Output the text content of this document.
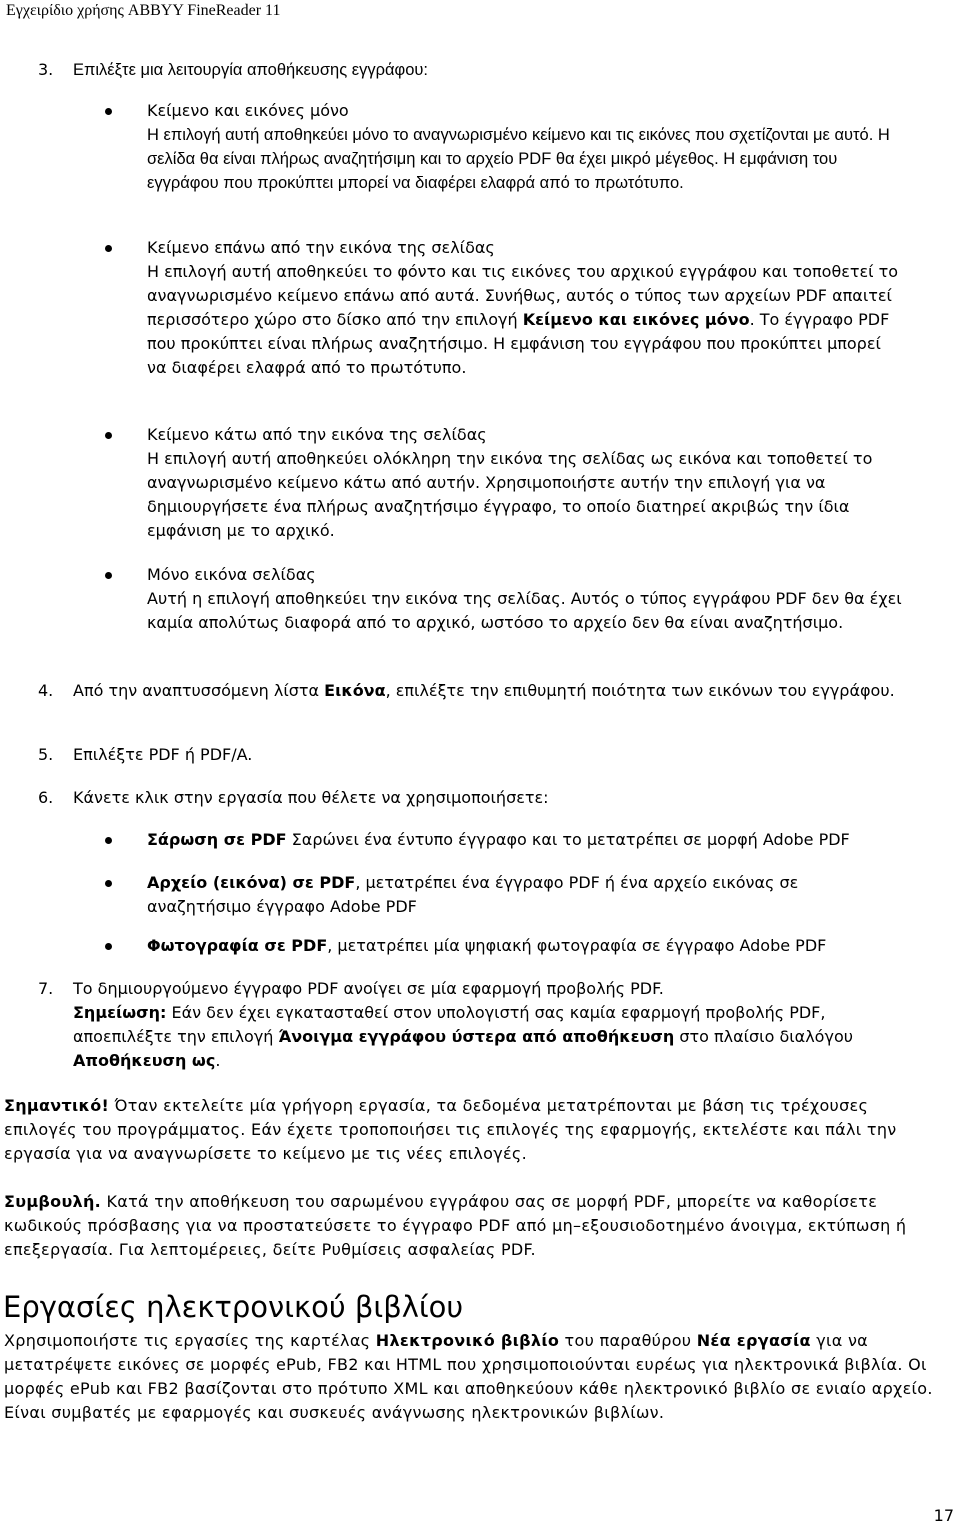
Εγχειρίδιο χρήσης ABBYY FineReader 11
3. Επιλέξτε μια λειτουργία αποθήκευσης εγγράφου:
Κείμενο και εικόνες μόνο
Η επιλογή αυτή αποθηκεύει μόνο το αναγνωρισμένο κείμενο και τις εικόνες που σχετίζονται με αυτό. Η σελίδα θα είναι πλήρως αναζητήσιμη και το αρχείο PDF θα έχει μικρό μέγεθος. Η εμφάνιση του εγγράφου που προκύπτει μπορεί να διαφέρει ελαφρά από το πρωτότυπο.
Κείμενο επάνω από την εικόνα της σελίδας
Η επιλογή αυτή αποθηκεύει το φόντο και τις εικόνες του αρχικού εγγράφου και τοποθετεί το αναγνωρισμένο κείμενο επάνω από αυτά. Συνήθως, αυτός ο τύπος των αρχείων PDF απαιτεί περισσότερο χώρο στο δίσκο από την επιλογή Κείμενο και εικόνες μόνο. Το έγγραφο PDF που προκύπτει είναι πλήρως αναζητήσιμο. Η εμφάνιση του εγγράφου που προκύπτει μπορεί να διαφέρει ελαφρά από το πρωτότυπο.
Κείμενο κάτω από την εικόνα της σελίδας
Η επιλογή αυτή αποθηκεύει ολόκληρη την εικόνα της σελίδας ως εικόνα και τοποθετεί το αναγνωρισμένο κείμενο κάτω από αυτήν. Χρησιμοποιήστε αυτήν την επιλογή για να δημιουργήσετε ένα πλήρως αναζητήσιμο έγγραφο, το οποίο διατηρεί ακριβώς την ίδια εμφάνιση με το αρχικό.
Μόνο εικόνα σελίδας
Αυτή η επιλογή αποθηκεύει την εικόνα της σελίδας. Αυτός ο τύπος εγγράφου PDF δεν θα έχει καμία απολύτως διαφορά από το αρχικό, ωστόσο το αρχείο δεν θα είναι αναζητήσιμο.
4. Από την αναπτυσσόμενη λίστα Εικόνα, επιλέξτε την επιθυμητή ποιότητα των εικόνων του εγγράφου.
5. Επιλέξτε PDF ή PDF/A.
6. Κάνετε κλικ στην εργασία που θέλετε να χρησιμοποιήσετε:
Σάρωση σε PDF Σαρώνει ένα έντυπο έγγραφο και το μετατρέπει σε μορφή Adobe PDF
Αρχείο (εικόνα) σε PDF, μετατρέπει ένα έγγραφο PDF ή ένα αρχείο εικόνας σε αναζητήσιμο έγγραφο Adobe PDF
Φωτογραφία σε PDF, μετατρέπει μία ψηφιακή φωτογραφία σε έγγραφο Adobe PDF
7. Το δημιουργούμενο έγγραφο PDF ανοίγει σε μία εφαρμογή προβολής PDF.
Σημείωση: Εάν δεν έχει εγκατασταθεί στον υπολογιστή σας καμία εφαρμογή προβολής PDF, αποεπιλέξτε την επιλογή Άνοιγμα εγγράφου ύστερα από αποθήκευση στο πλαίσιο διαλόγου Αποθήκευση ως.
Σημαντικό! Όταν εκτελείτε μία γρήγορη εργασία, τα δεδομένα μετατρέπονται με βάση τις τρέχουσες επιλογές του προγράμματος. Εάν έχετε τροποποιήσει τις επιλογές της εφαρμογής, εκτελέστε και πάλι την εργασία για να αναγνωρίσετε το κείμενο με τις νέες επιλογές.
Συμβουλή. Κατά την αποθήκευση του σαρωμένου εγγράφου σας σε μορφή PDF, μπορείτε να καθορίσετε κωδικούς πρόσβασης για να προστατεύσετε το έγγραφο PDF από μη–εξουσιοδοτημένο άνοιγμα, εκτύπωση ή επεξεργασία. Για λεπτομέρειες, δείτε Ρυθμίσεις ασφαλείας PDF.
Εργασίες ηλεκτρονικού βιβλίου
Χρησιμοποιήστε τις εργασίες της καρτέλας Ηλεκτρονικό βιβλίο του παραθύρου Νέα εργασία για να μετατρέψετε εικόνες σε μορφές ePub, FB2 και HTML που χρησιμοποιούνται ευρέως για ηλεκτρονικά βιβλία. Οι μορφές ePub και FB2 βασίζονται στο πρότυπο XML και αποθηκεύουν κάθε ηλεκτρονικό βιβλίο σε ενιαίο αρχείο. Είναι συμβατές με εφαρμογές και συσκευές ανάγνωσης ηλεκτρονικών βιβλίων.
17
